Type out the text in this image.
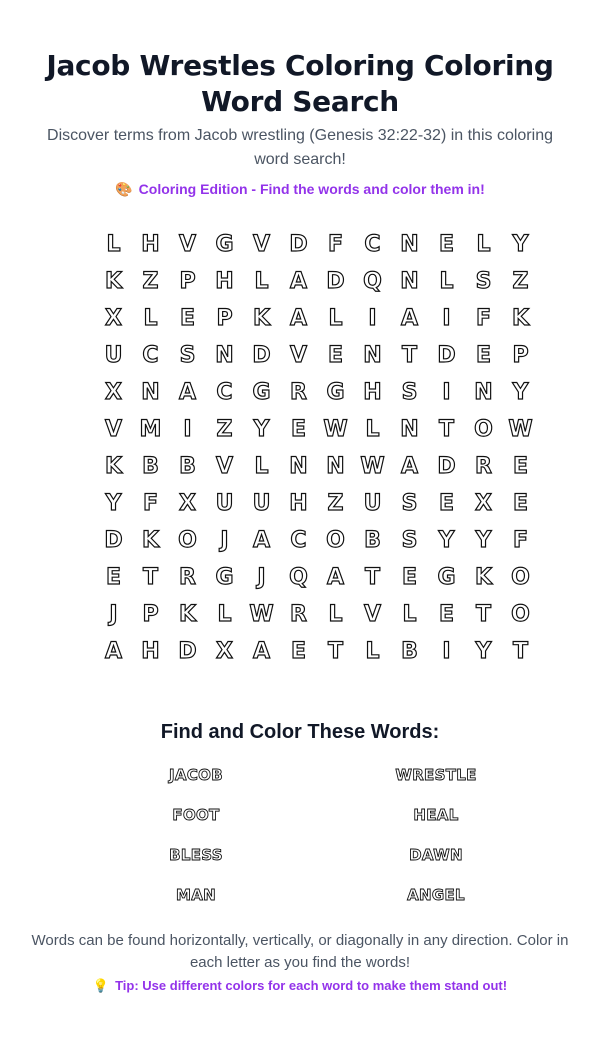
Jacob Wrestles Coloring Coloring Word Search

Discover terms from Jacob wrestling (Genesis 32:22-32) in this coloring word search!

🎨 Coloring Edition - Find the words and color them in!

L H V G V D F C N E	L	Y
K Z P H L A D Q N L	S Z
X L	E P K A L	I	A	I	F K
U C S N D V E N T D E P
X N A C G R G H S	I	N Y
V M I	Z Y E W L N T O W
K B B V L N N W A D R E
Y F X U U H Z U S E X E
D K O	J	A C O B S Y Y F
E T R G	J	Q A T E G K O
J	P K L W R L V L	E T O
A H D X A E T	L B	I	Y T
Find and Color These Words:
JACOB	WRESTLE
FOOT	HEAL
BLESS	DAWN
MAN	ANGEL

Words can be found horizontally, vertically, or diagonally in any direction. Color in each letter as you find the words!

💡 Tip: Use different colors for each word to make them stand out!
